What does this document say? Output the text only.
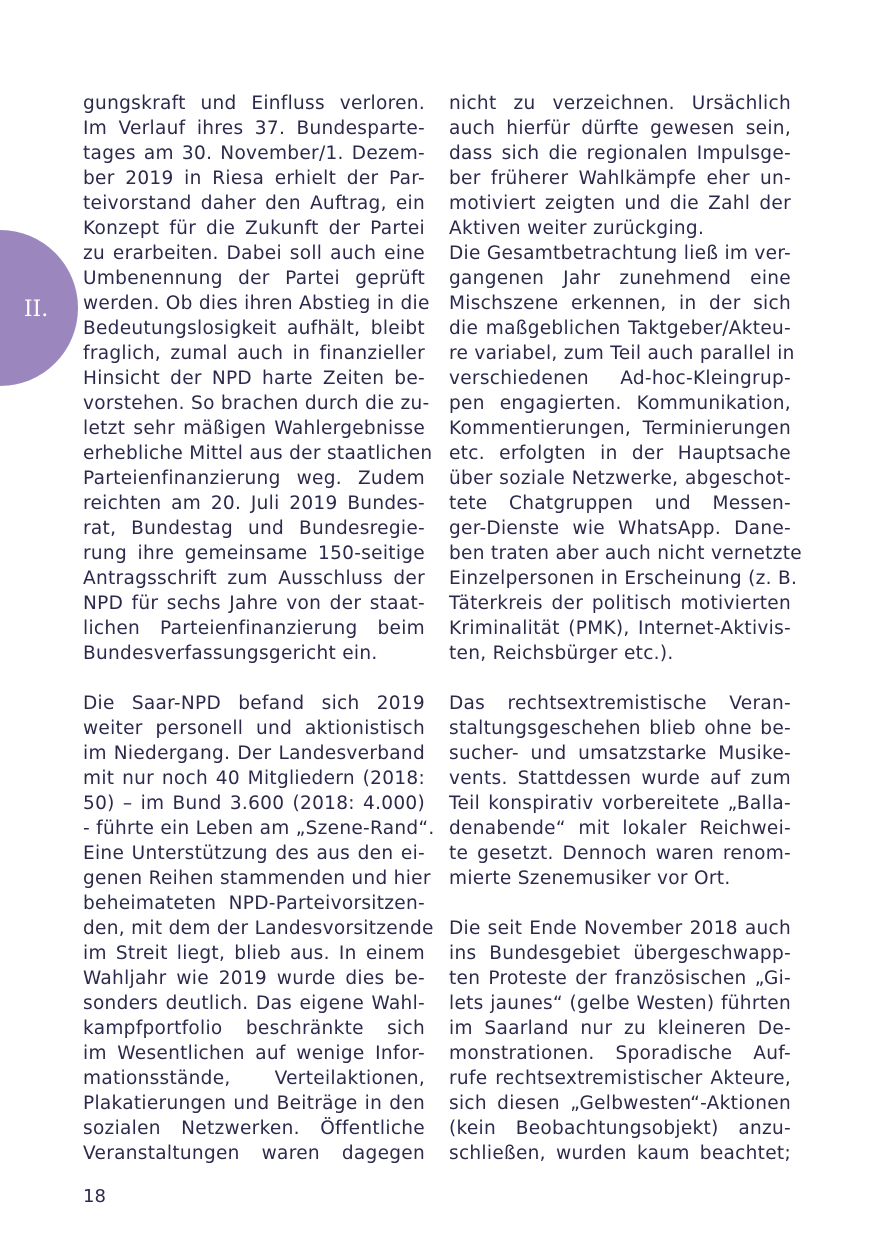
II.
gungskraft und Einfluss verloren.
Im Verlauf ihres 37. Bundesparte-
tages am 30. November/1. Dezem-
ber 2019 in Riesa erhielt der Par-
teivorstand daher den Auftrag, ein
Konzept für die Zukunft der Partei
zu erarbeiten. Dabei soll auch eine
Umbenennung der Partei geprüft
werden. Ob dies ihren Abstieg in die
Bedeutungslosigkeit aufhält, bleibt
fraglich, zumal auch in finanzieller
Hinsicht der NPD harte Zeiten be-
vorstehen. So brachen durch die zu-
letzt sehr mäßigen Wahlergebnisse
erhebliche Mittel aus der staatlichen
Parteienfinanzierung weg. Zudem
reichten am 20. Juli 2019 Bundes-
rat, Bundestag und Bundesregie-
rung ihre gemeinsame 150-seitige
Antragsschrift zum Ausschluss der
NPD für sechs Jahre von der staat-
lichen Parteienfinanzierung beim
Bundesverfassungsgericht ein.
Die Saar-NPD befand sich 2019
weiter personell und aktionistisch
im Niedergang. Der Landesverband
mit nur noch 40 Mitgliedern (2018:
50) – im Bund 3.600 (2018: 4.000)
- führte ein Leben am „Szene-Rand“.
Eine Unterstützung des aus den ei-
genen Reihen stammenden und hier
beheimateten NPD-Parteivorsitzen-
den, mit dem der Landesvorsitzende
im Streit liegt, blieb aus. In einem
Wahljahr wie 2019 wurde dies be-
sonders deutlich. Das eigene Wahl-
kampfportfolio beschränkte sich
im Wesentlichen auf wenige Infor-
mationsstände, Verteilaktionen,
Plakatierungen und Beiträge in den
sozialen Netzwerken. Öffentliche
Veranstaltungen waren dagegen
nicht zu verzeichnen. Ursächlich
auch hierfür dürfte gewesen sein,
dass sich die regionalen Impulsge-
ber früherer Wahlkämpfe eher un-
motiviert zeigten und die Zahl der
Aktiven weiter zurückging.
Die Gesamtbetrachtung ließ im ver-
gangenen Jahr zunehmend eine
Mischszene erkennen, in der sich
die maßgeblichen Taktgeber/Akteu-
re variabel, zum Teil auch parallel in
verschiedenen Ad-hoc-Kleingrup-
pen engagierten. Kommunikation,
Kommentierungen, Terminierungen
etc. erfolgten in der Hauptsache
über soziale Netzwerke, abgeschot-
tete Chatgruppen und Messen-
ger-Dienste wie WhatsApp. Dane-
ben traten aber auch nicht vernetzte
Einzelpersonen in Erscheinung (z. B.
Täterkreis der politisch motivierten
Kriminalität (PMK), Internet-Aktivis-
ten, Reichsbürger etc.).
Das rechtsextremistische Veran-
staltungsgeschehen blieb ohne be-
sucher- und umsatzstarke Musike-
vents. Stattdessen wurde auf zum
Teil konspirativ vorbereitete „Balla-
denabende“ mit lokaler Reichwei-
te gesetzt. Dennoch waren renom-
mierte Szenemusiker vor Ort.
Die seit Ende November 2018 auch
ins Bundesgebiet übergeschwapp-
ten Proteste der französischen „Gi-
lets jaunes“ (gelbe Westen) führten
im Saarland nur zu kleineren De-
monstrationen. Sporadische Auf-
rufe rechtsextremistischer Akteure,
sich diesen „Gelbwesten“-Aktionen
(kein Beobachtungsobjekt) anzu-
schließen, wurden kaum beachtet;
18
